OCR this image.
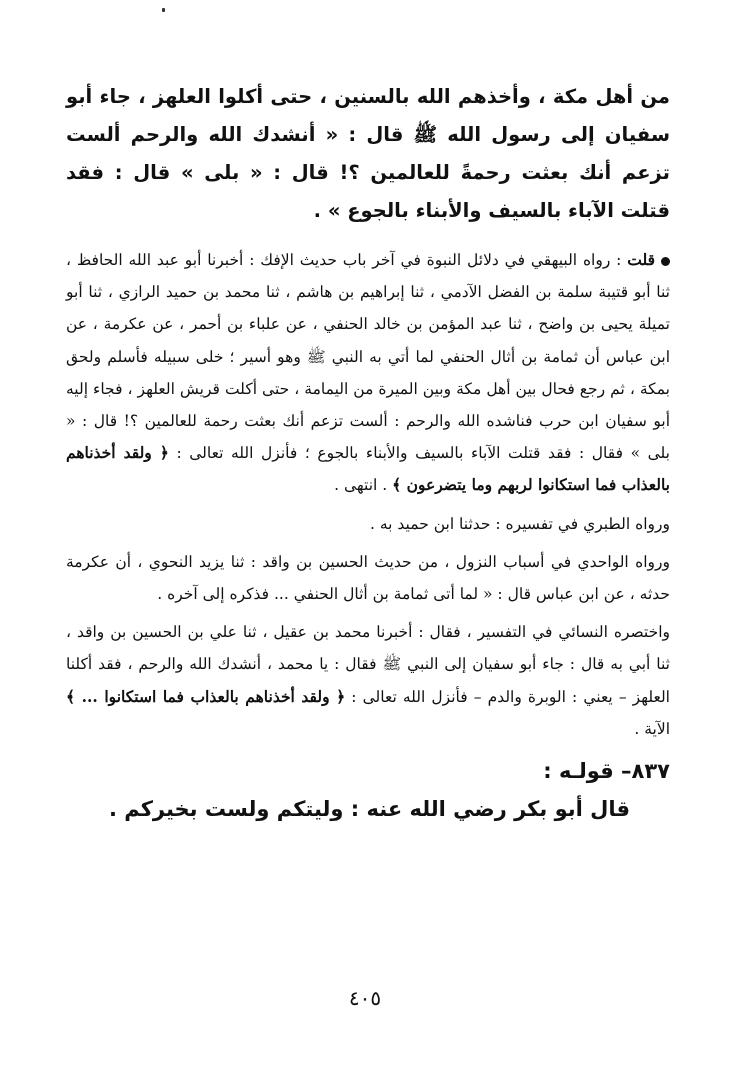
من أهل مكة ، وأخذهم الله بالسنين ، حتى أكلوا العلهز ، جاء أبو سفيان إلى رسول الله ﷺ قال : « أنشدك الله والرحم ألست تزعم أنك بعثت رحمةً للعالمين ؟! قال : « بلى » قال : فقد قتلت الآباء بالسيف والأبناء بالجوع » .

قلت : رواه البيهقي في دلائل النبوة في آخر باب حديث الإفك : أخبرنا أبو عبد الله الحافظ ، ثنا أبو قتيبة سلمة بن الفضل الآدمي ، ثنا إبراهيم بن هاشم ، ثنا محمد بن حميد الرازي ، ثنا أبو تميلة يحيى بن واضح ، ثنا عبد المؤمن بن خالد الحنفي ، عن علباء بن أحمر ، عن عكرمة ، عن ابن عباس أن ثمامة بن أثال الحنفي لما أتي به النبي ﷺ وهو أسير ؛ خلى سبيله فأسلم ولحق بمكة ، ثم رجع فحال بين أهل مكة وبين الميرة من اليمامة ، حتى أكلت قريش العلهز ، فجاء إليه أبو سفيان ابن حرب فناشده الله والرحم : ألست تزعم أنك بعثت رحمة للعالمين ؟! قال : « بلى » فقال : فقد قتلت الآباء بالسيف والأبناء بالجوع ؛ فأنزل الله تعالى : ﴿ ولقد أخذناهم بالعذاب فما استكانوا لربهم وما يتضرعون ﴾ . انتهى .

ورواه الطبري في تفسيره : حدثنا ابن حميد به .

ورواه الواحدي في أسباب النزول ، من حديث الحسين بن واقد : ثنا يزيد النحوي ، أن عكرمة حدثه ، عن ابن عباس قال : « لما أتى ثمامة بن أثال الحنفي ... فذكره إلى آخره .

واختصره النسائي في التفسير ، فقال : أخبرنا محمد بن عقيل ، ثنا علي بن الحسين بن واقد ، ثنا أبي به قال : جاء أبو سفيان إلى النبي ﷺ فقال : يا محمد ، أنشدك الله والرحم ، فقد أكلنا العلهز – يعني : الوبرة والدم – فأنزل الله تعالى : ﴿ ولقد أخذناهم بالعذاب فما استكانوا ... ﴾ الآية .

٨٣٧– قولـه :

قال أبو بكر رضي الله عنه : وليتكم ولست بخيركم .

٤٠٥
